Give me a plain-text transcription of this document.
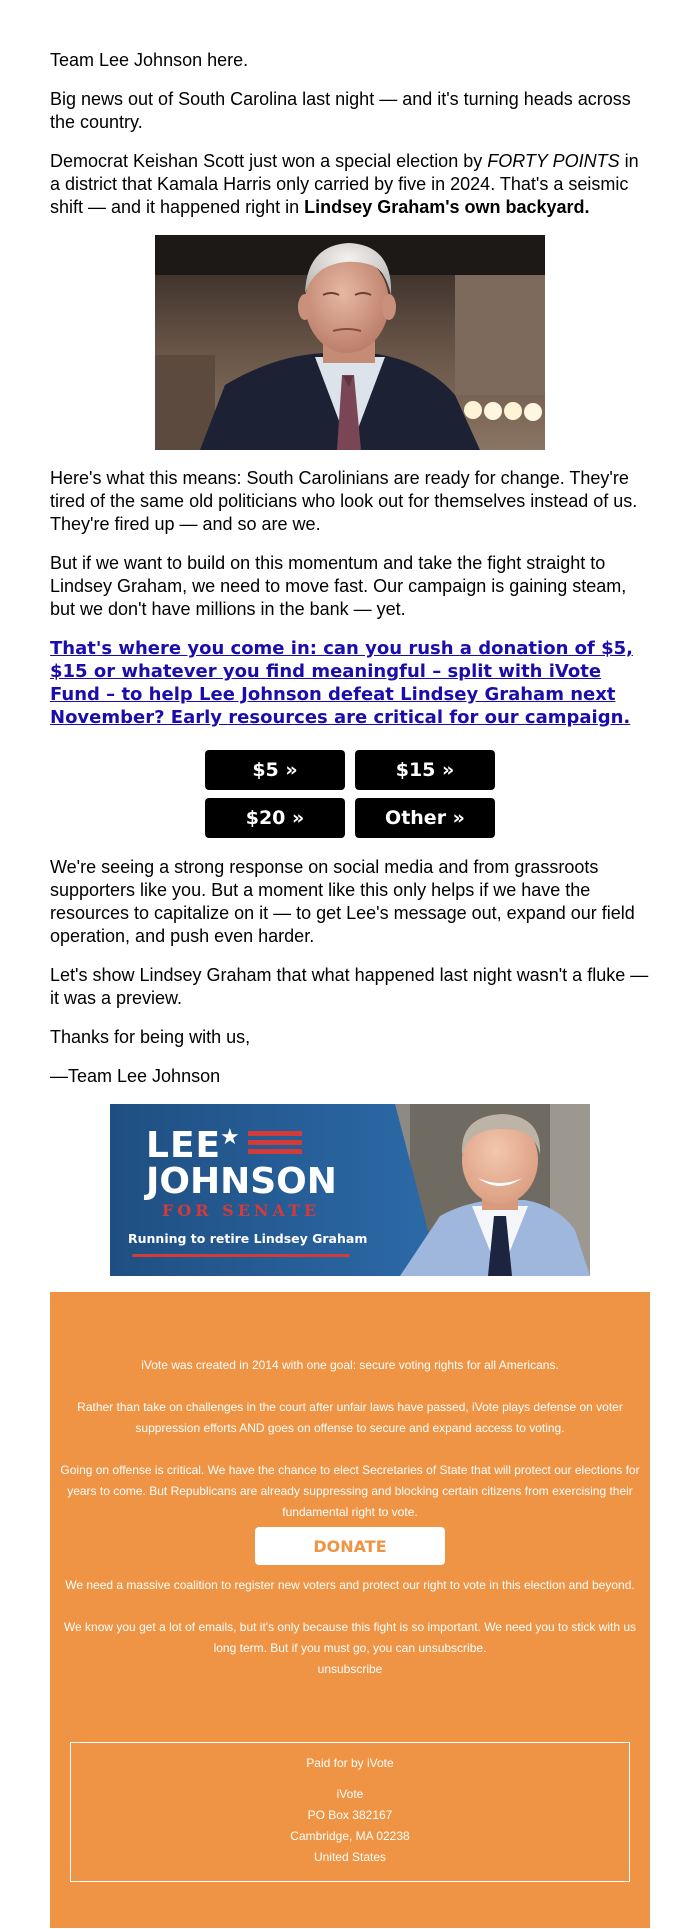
Team Lee Johnson here.

Big news out of South Carolina last night — and it's turning heads across the country.

Democrat Keishan Scott just won a special election by FORTY POINTS in a district that Kamala Harris only carried by five in 2024. That's a seismic shift — and it happened right in Lindsey Graham's own backyard.

Here's what this means: South Carolinians are ready for change. They're tired of the same old politicians who look out for themselves instead of us. They're fired up — and so are we.

But if we want to build on this momentum and take the fight straight to Lindsey Graham, we need to move fast. Our campaign is gaining steam, but we don't have millions in the bank — yet.

That's where you come in: can you rush a donation of $5, $15 or whatever you find meaningful – split with iVote Fund – to help Lee Johnson defeat Lindsey Graham next November? Early resources are critical for our campaign.
$5 »	$15 »
$20 »	Other »

We're seeing a strong response on social media and from grassroots supporters like you. But a moment like this only helps if we have the resources to capitalize on it — to get Lee's message out, expand our field operation, and push even harder.

Let's show Lindsey Graham that what happened last night wasn't a fluke — it was a preview.

Thanks for being with us,

—Team Lee Johnson

★
LEE
JOHNSON
FOR SENATE
Running to retire Lindsey Graham

iVote was created in 2014 with one goal: secure voting rights for all Americans.

Rather than take on challenges in the court after unfair laws have passed, iVote plays defense on voter suppression efforts AND goes on offense to secure and expand access to voting.

Going on offense is critical. We have the chance to elect Secretaries of State that will protect our elections for years to come. But Republicans are already suppressing and blocking certain citizens from exercising their fundamental right to vote.

DONATE

We need a massive coalition to register new voters and protect our right to vote in this election and beyond.

We know you get a lot of emails, but it's only because this fight is so important. We need you to stick with us long term. But if you must go, you can unsubscribe.

unsubscribe
Paid for by iVote
iVote
PO Box 382167
Cambridge, MA 02238
United States
